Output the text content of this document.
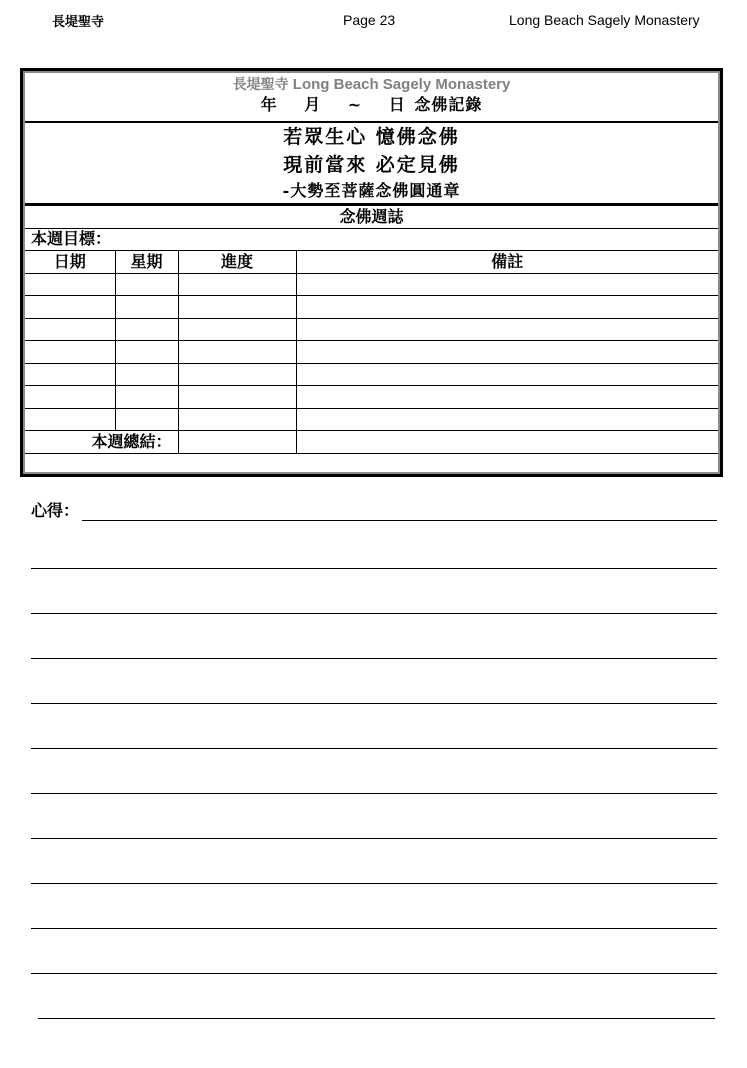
長堤聖寺	Page 23	Long Beach Sagely Monastery
長堤聖寺 Long Beach Sagely Monastery
年 月 ~ 日 念佛記錄
若眾生心 憶佛念佛
現前當來 必定見佛
-大勢至菩薩念佛圓通章
念佛週誌			
本週目標：			
日期	星期	進度	備註

本週總結：			
心得：
